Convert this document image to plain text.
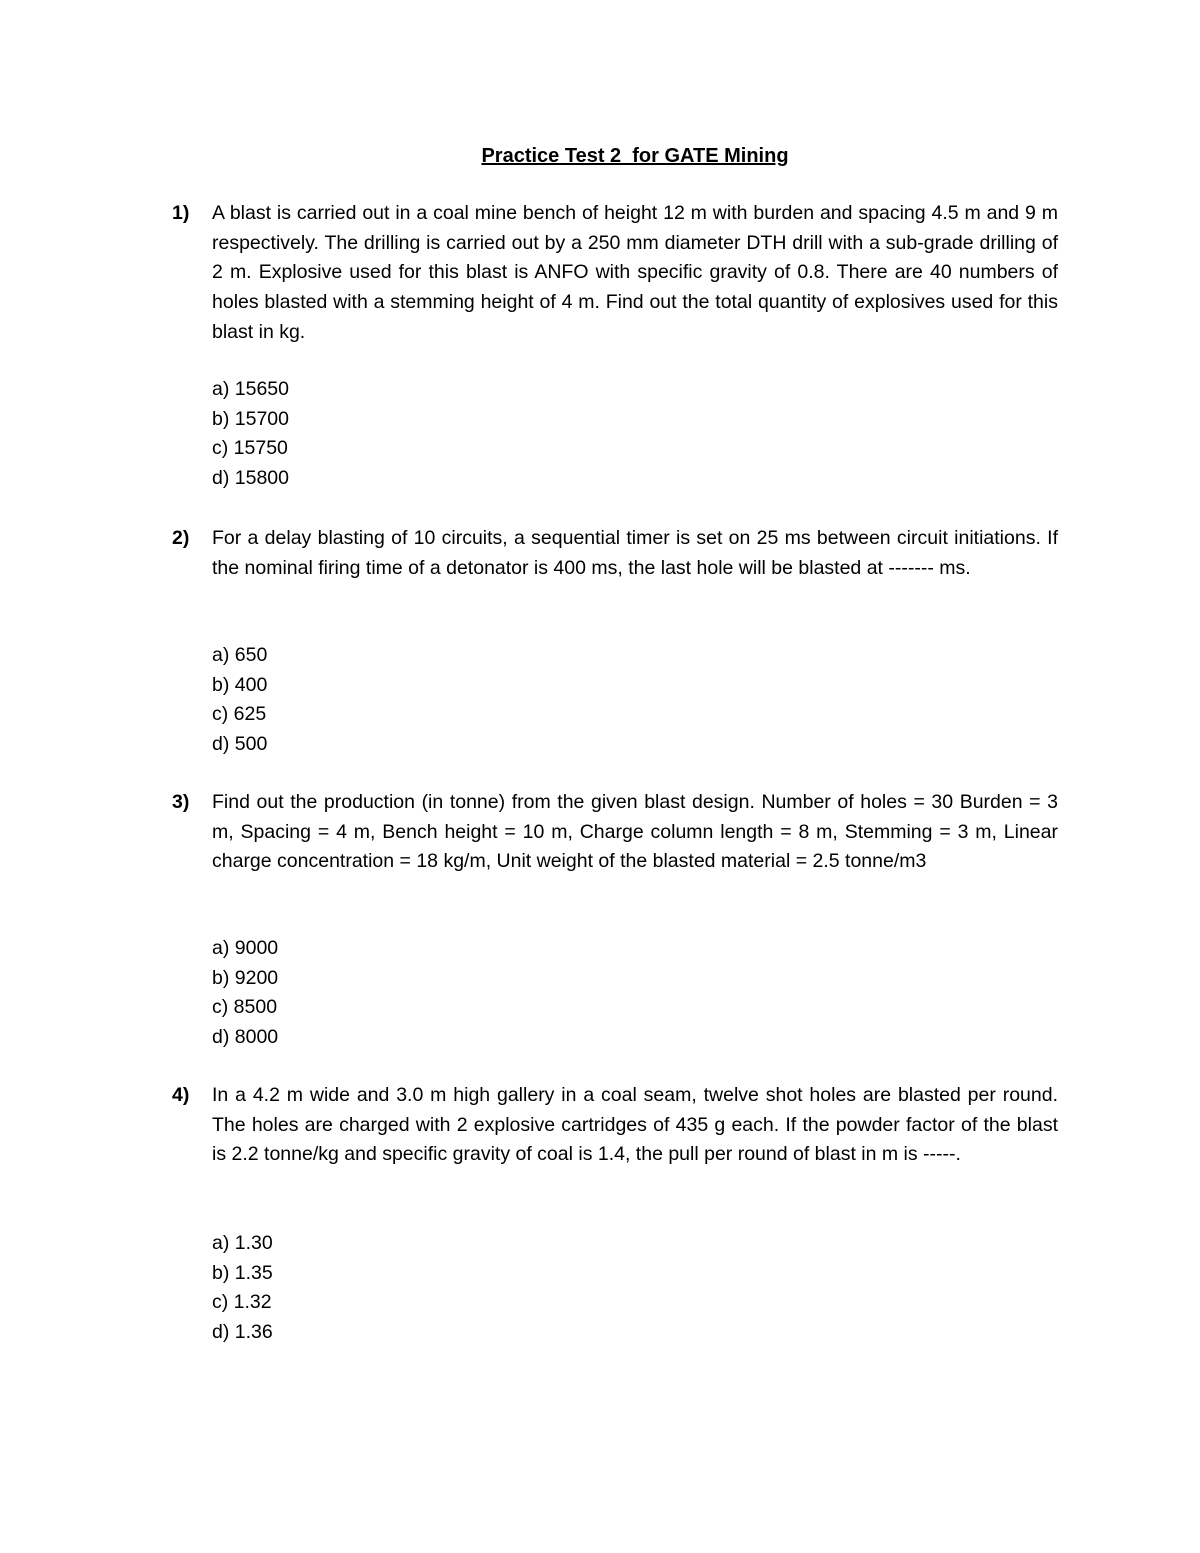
Practice Test 2  for GATE Mining
1) A blast is carried out in a coal mine bench of height 12 m with burden and spacing 4.5 m and 9 m respectively. The drilling is carried out by a 250 mm diameter DTH drill with a sub-grade drilling of 2 m. Explosive used for this blast is ANFO with specific gravity of 0.8. There are 40 numbers of holes blasted with a stemming height of 4 m. Find out the total quantity of explosives used for this blast in kg.
a) 15650
b) 15700
c) 15750
d) 15800
2) For a delay blasting of 10 circuits, a sequential timer is set on 25 ms between circuit initiations. If the nominal firing time of a detonator is 400 ms, the last hole will be blasted at ------- ms.
a) 650
b) 400
c) 625
d) 500
3) Find out the production (in tonne) from the given blast design. Number of holes = 30 Burden = 3 m, Spacing = 4 m, Bench height = 10 m, Charge column length = 8 m, Stemming = 3 m, Linear charge concentration = 18 kg/m, Unit weight of the blasted material = 2.5 tonne/m3
a) 9000
b) 9200
c) 8500
d) 8000
4) In a 4.2 m wide and 3.0 m high gallery in a coal seam, twelve shot holes are blasted per round. The holes are charged with 2 explosive cartridges of 435 g each. If the powder factor of the blast is 2.2 tonne/kg and specific gravity of coal is 1.4, the pull per round of blast in m is -----.
a) 1.30
b) 1.35
c) 1.32
d) 1.36
